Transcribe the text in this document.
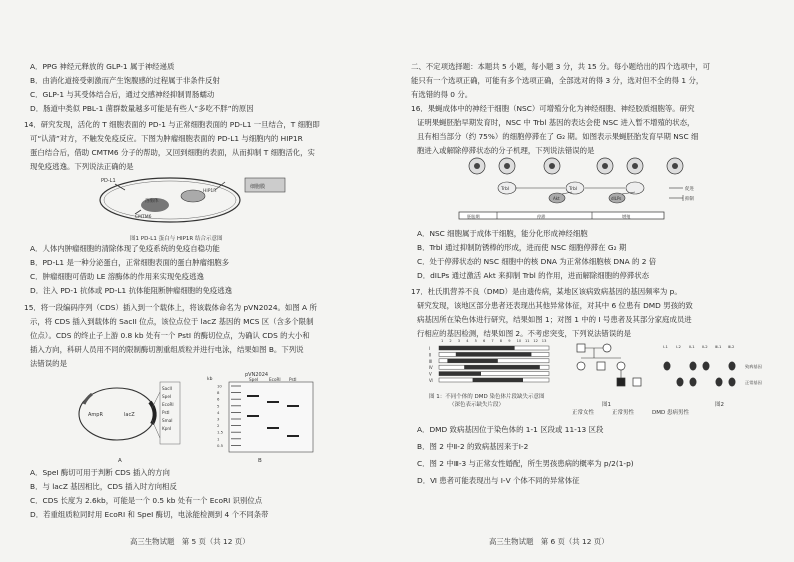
A．PPG 神经元释放的 GLP-1 属于神经递质
B．由消化道接受刺激而产生饱腹感的过程属于非条件反射
C．GLP-1 与其受体结合后，通过交感神经抑制胃肠蠕动
D．肠道中类似 PBL-1 菌群数量越多可能是有些人“多吃不胖”的原因
14．研究发现，活化的 T 细胞表面的 PD-1 与正常细胞表面的 PD-L1 一旦结合，T 细胞即
可“认清”对方，不触发免疫反应。下图为肿瘤细胞表面的 PD-L1 与细胞内的 HIP1R
蛋白结合后，借助 CMTM6 分子的帮助，又回到细胞的表面，从而抑制 T 细胞活化，实
现免疫逃逸。下列说法正确的是
细胞膜
PD-L1
HIP1R
CMTM6
溶酶体
图1 PD-L1 蛋白与 HIP1R 结合示意图
A．人体内肿瘤细胞的清除体现了免疫系统的免疫自稳功能
B．PD-L1 是一种分泌蛋白，正常细胞表面的蛋白肿瘤细胞多
C．肿瘤细胞可借助 LE 溶酶体的作用来实现免疫逃逸
D．注入 PD-1 抗体或 PD-L1 抗体能阻断肿瘤细胞的免疫逃逸
15．将一段编码序列（CDS）插入到一个载体上，将该载体命名为 pVN2024。如图 A 所
示，将 CDS 插入到载体的 SacII 位点，该位点位于 lacZ 基因的 MCS 区（含多个限制
位点）。CDS 的终止子上游 0.8 kb 处有一个 PstI 的酶切位点，为确认 CDS 的大小和
插入方向，科研人员用不同的限制酶切割重组质粒并进行电泳，结果如图 B。下列说
法错误的是
lacZ
AmpR
SacII
SpeI
EcoRI
PstI
SmaI
KpnI
A
pVN2024
kb	SpeI	EcoRI PstI
10
8
6
5
4
3
2
1.5
1
0.5
B
A．SpeI 酶切可用于判断 CDS 插入的方向
B．与 lacZ 基因相比，CDS 插入时方向相反
C．CDS 长度为 2.6kb，可能是一个 0.5 kb 处有一个 EcoRI 识别位点
D．若重组质粒同时用 EcoRI 和 SpeI 酶切，电泳能检测到 4 个不同条带
高三生物试题　第 5 页（共 12 页）
二、不定项选择题：本题共 5 小题，每小题 3 分，共 15 分。每小题给出的四个选项中，可
能只有一个选项正确，可能有多个选项正确，全部选对的得 3 分，选对但不全的得 1 分，
有选错的得 0 分。
16．果蝇成体中的神经干细胞（NSC）可增殖分化为神经细胞、神经胶质细胞等。研究
证明果蝇胚胎早期发育时，NSC 中 Trbl 基因的表达会使 NSC 进入暂不增殖的状态，
且有相当部分（约 75%）的细胞停滞在了 G₂ 期。如图表示果蝇胚胎发育早期 NSC 细
胞进入或解除停滞状态的分子机理，下列说法错误的是
Trbl	Trbl
Akt	dILPs
胚胎期	停滞	增殖
促进
抑制
A．NSC 细胞属于成体干细胞，能分化形成神经细胞
B．Trbl 通过抑制防锈棒的形成，进而使 NSC 细胞停滞在 G₂ 期
C．处于停滞状态的 NSC 细胞中的核 DNA 为正常体细胞核 DNA 的 2 倍
D．dILPs 通过激活 Akt 来抑制 Trbl 的作用，进而解除细胞的停滞状态
17．杜氏肌营养不良（DMD）是由遗传病，某地区该病致病基因的基因频率为 p。
研究发现，该地区部分患者还表现出其他异常体征，对其中 6 位患有 DMD 男孩的致
病基因所在染色体进行研究，结果如图 1；对图 1 中的 Ⅰ 号患者及其部分家庭成员进
行相应的基因检测，结果如图 2。不考虑突变，下列说法错误的是
1 2 3 4 5 6 7 8 9 10 11 12 13
Ⅰ
Ⅱ
Ⅲ
Ⅳ
Ⅴ
Ⅵ
图 1：不同个体的 DMD 染色体片段缺失示意图
（深色表示缺失片段）	图1
Ⅰ-1 Ⅰ-2 Ⅱ-1 Ⅱ-2 Ⅲ-1 Ⅲ-2
致病基因
正常基因
图2
正常女性	正常男性	DMD 患病男性
A．DMD 致病基因位于染色体的 1-1 区段或 11-13 区段
B．图 2 中Ⅱ-2 的致病基因来于Ⅰ-2
C．图 2 中Ⅲ-3 与正常女性婚配，所生男孩患病的概率为 p/2(1-p)
D．Ⅵ 患者可能表现出与 Ⅰ-Ⅴ 个体不同的异常体征
高三生物试题　第 6 页（共 12 页）
